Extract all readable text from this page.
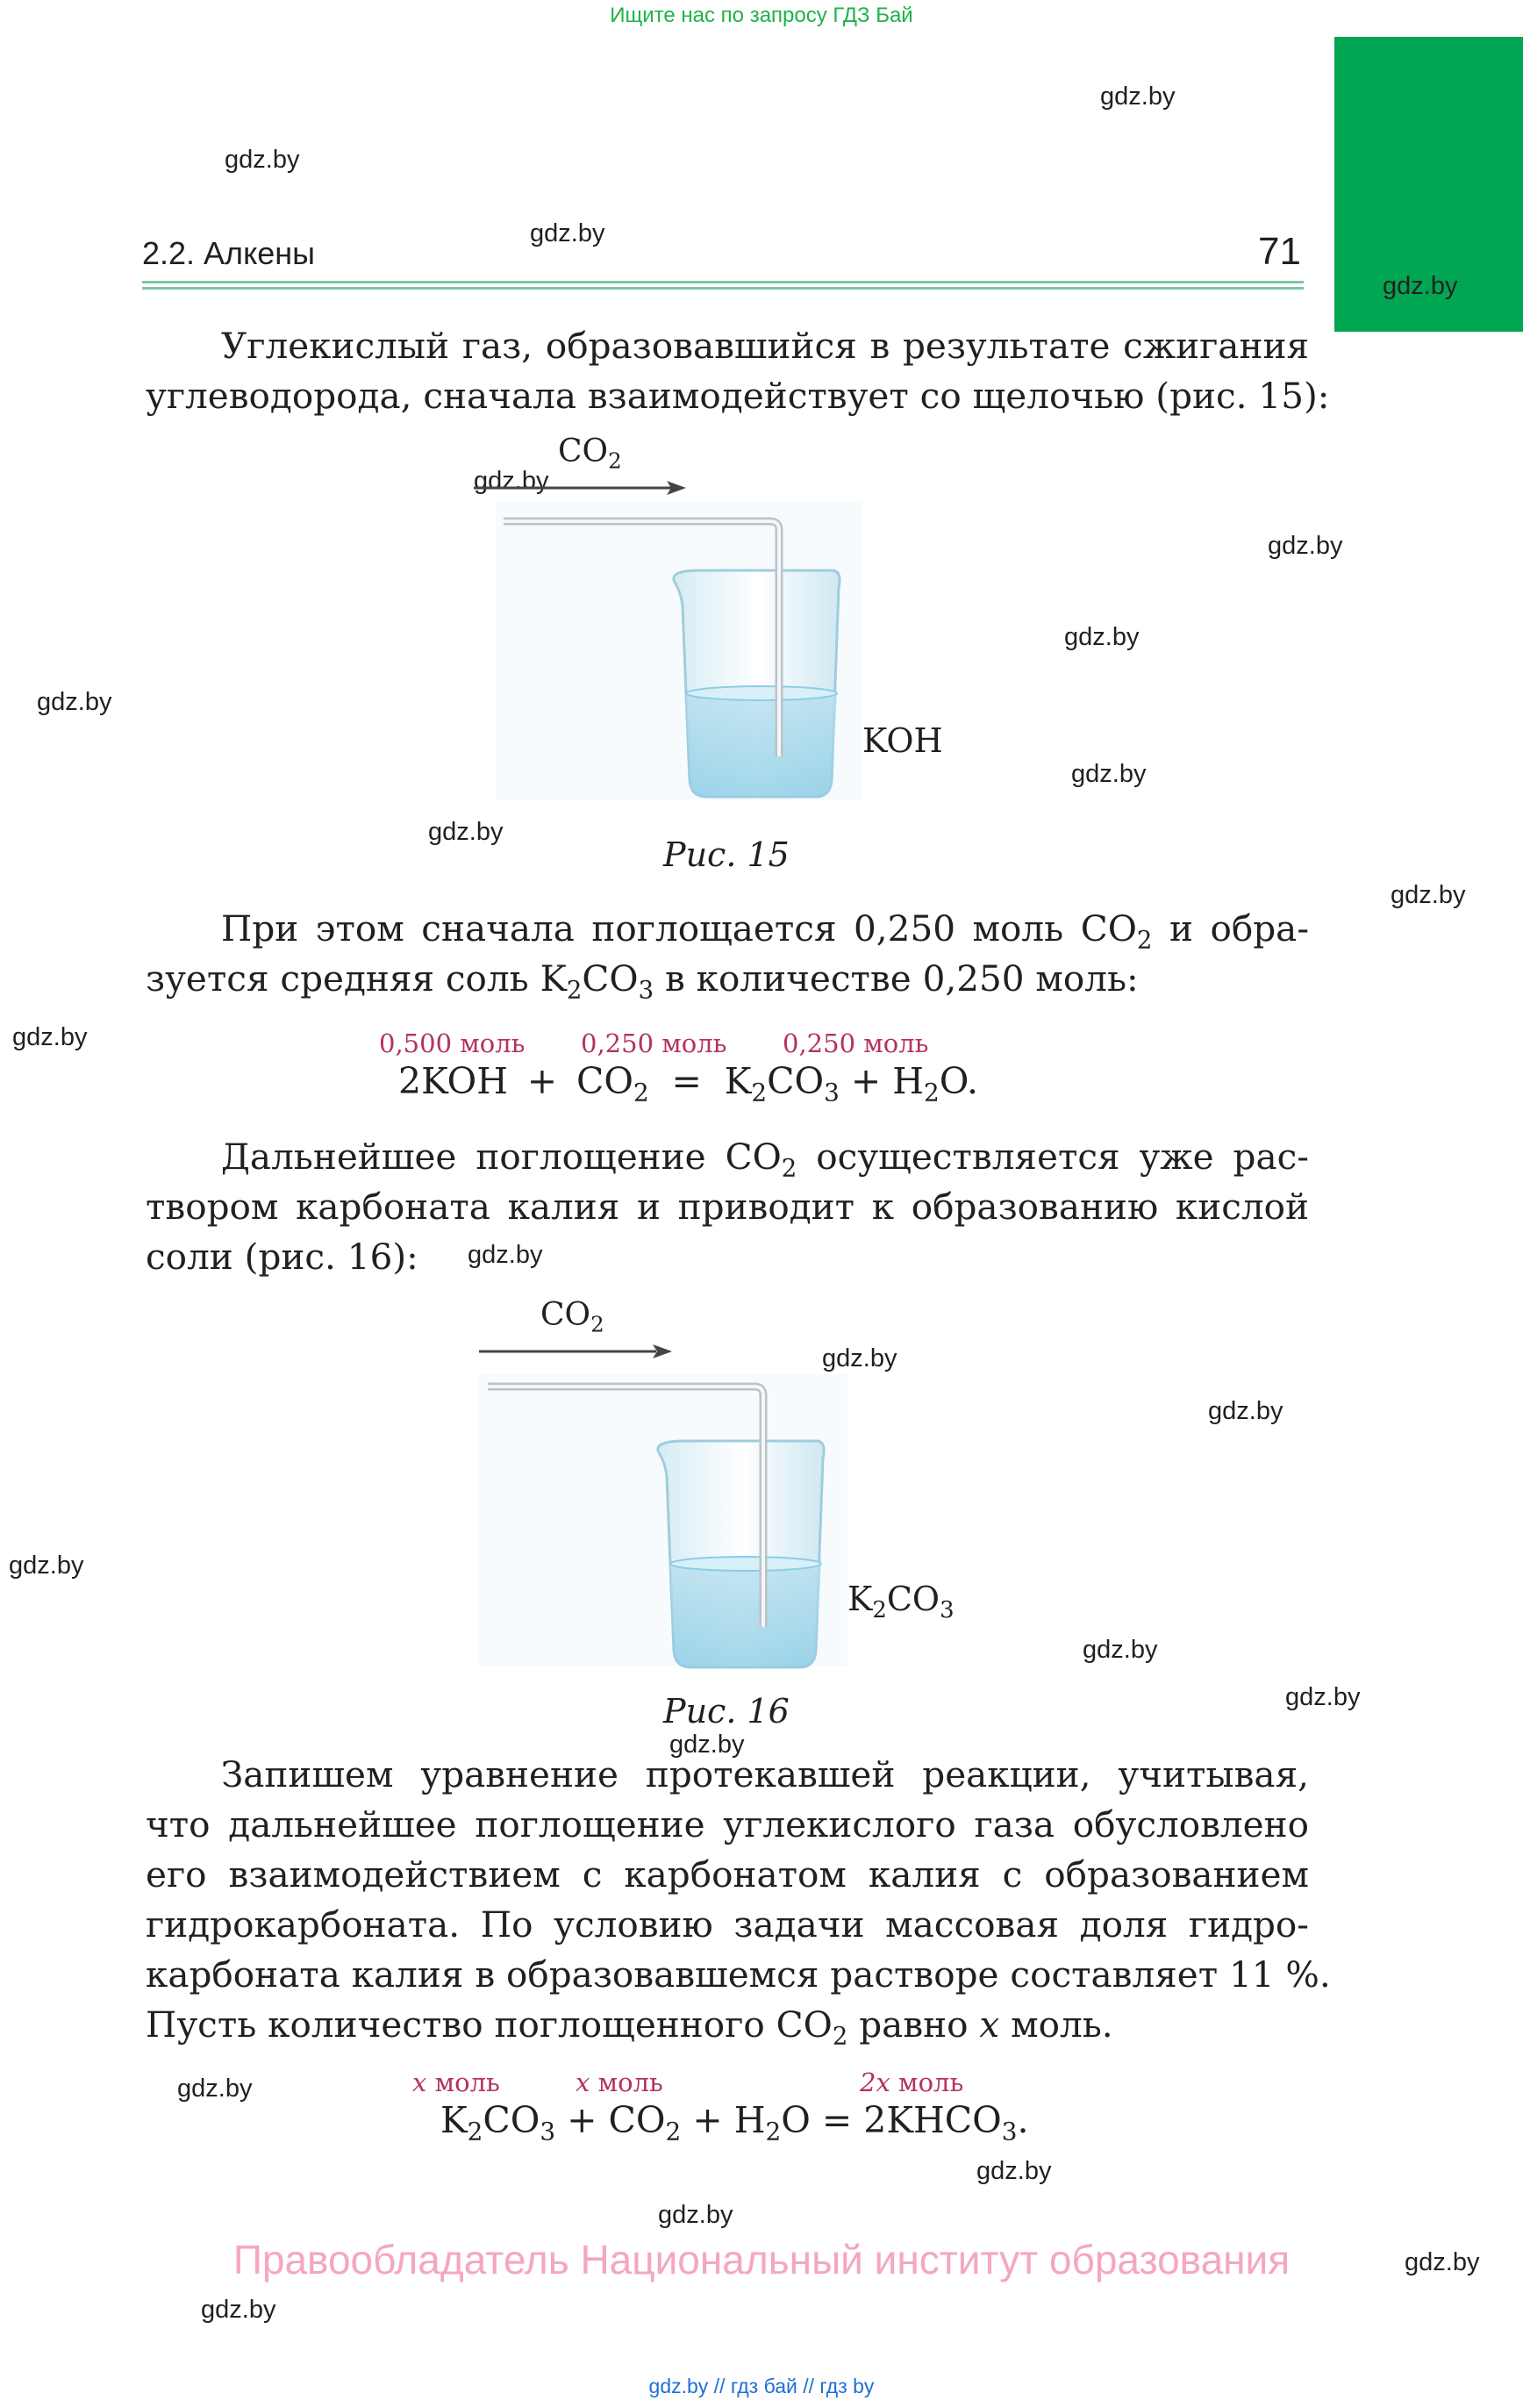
Ищите нас по запросу ГДЗ Бай
gdz.by
gdz.by
gdz.by
gdz.by
gdz.by
gdz.by
gdz.by
gdz.by
gdz.by
gdz.by
gdz.by
gdz.by
gdz.by
gdz.by
gdz.by
gdz.by
gdz.by
gdz.by
gdz.by
gdz.by
gdz.by
gdz.by
gdz.by
gdz.by
2.2. Алкены	71
Углекислый газ, образовавшийся в результате сжигания
углеводорода, сначала взаимодействует со щелочью (рис. 15):
$CO_2$
KOH
Рис. 15
При этом сначала поглощается 0,250 моль $CO_2$ и обра-
зуется средняя соль $K_2CO_3$ в количестве 0,250 моль:
0,500 моль 0,250 моль 0,250 моль
$2KOH + CO_2 = K_2CO_3 + H_2O$.
Дальнейшее поглощение $CO_2$ осуществляется уже рас-
твором карбоната калия и приводит к образованию кислой
соли (рис. 16):
$CO_2$
$K_2CO_3$
Рис. 16
Запишем уравнение протекавшей реакции, учитывая,
что дальнейшее поглощение углекислого газа обусловлено
его взаимодействием с карбонатом калия с образованием
гидрокарбоната. По условию задачи массовая доля гидро-
карбоната калия в образовавшемся растворе составляет 11 %.
Пусть количество поглощенного $CO_2$ равно x моль.
x моль	x моль	2x моль
$K_2CO_3 + CO_2 + H_2O$ = $2KHCO_3$.
Правообладатель Национальный институт образования
gdz.by // гдз бай // гдз by
